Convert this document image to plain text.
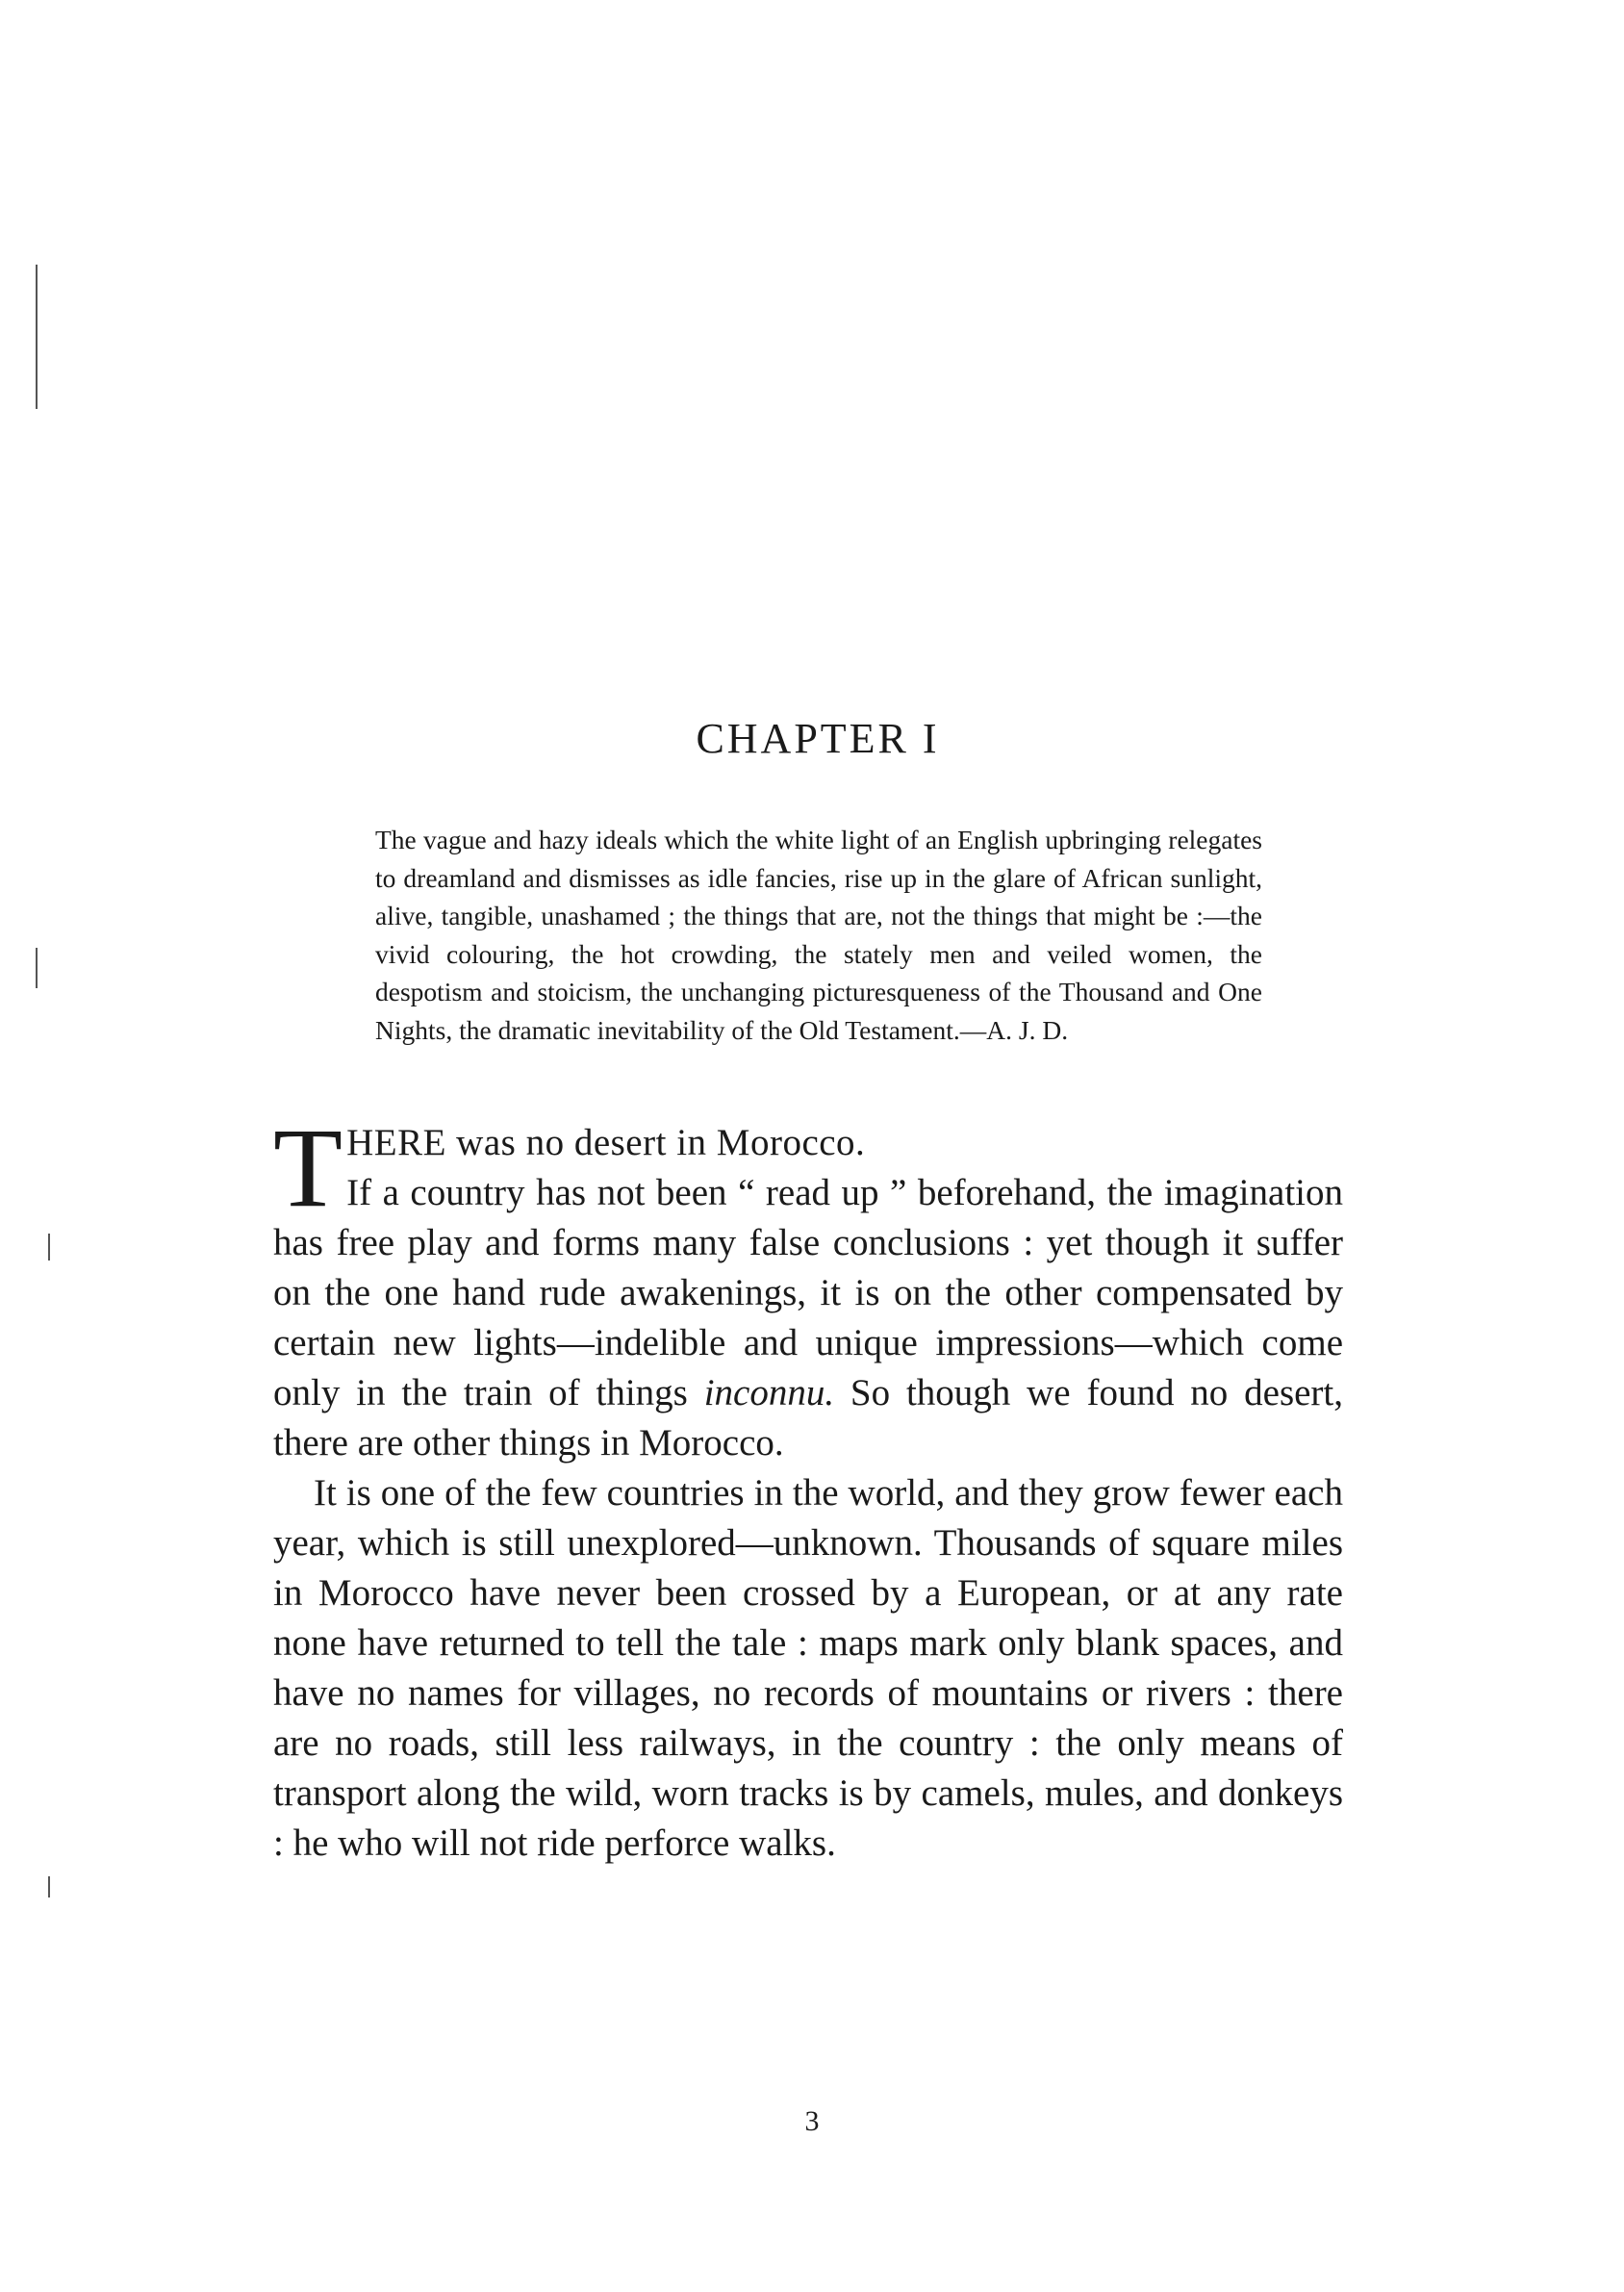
CHAPTER I

The vague and hazy ideals which the white light of an English upbringing relegates to dreamland and dismisses as idle fancies, rise up in the glare of African sunlight, alive, tangible, unashamed ; the things that are, not the things that might be :—the vivid colouring, the hot crowding, the stately men and veiled women, the despotism and stoicism, the unchanging picturesqueness of the Thousand and One Nights, the dramatic inevitability of the Old Testament.—A. J. D.

THERE was no desert in Morocco.
If a country has not been “ read up ” beforehand, the imagination has free play and forms many false conclusions : yet though it suffer on the one hand rude awakenings, it is on the other compensated by certain new lights—indelible and unique impressions—which come only in the train of things inconnu. So though we found no desert, there are other things in Morocco.

It is one of the few countries in the world, and they grow fewer each year, which is still unexplored—unknown. Thousands of square miles in Morocco have never been crossed by a European, or at any rate none have returned to tell the tale : maps mark only blank spaces, and have no names for villages, no records of mountains or rivers : there are no roads, still less railways, in the country : the only means of transport along the wild, worn tracks is by camels, mules, and donkeys : he who will not ride perforce walks.

3
